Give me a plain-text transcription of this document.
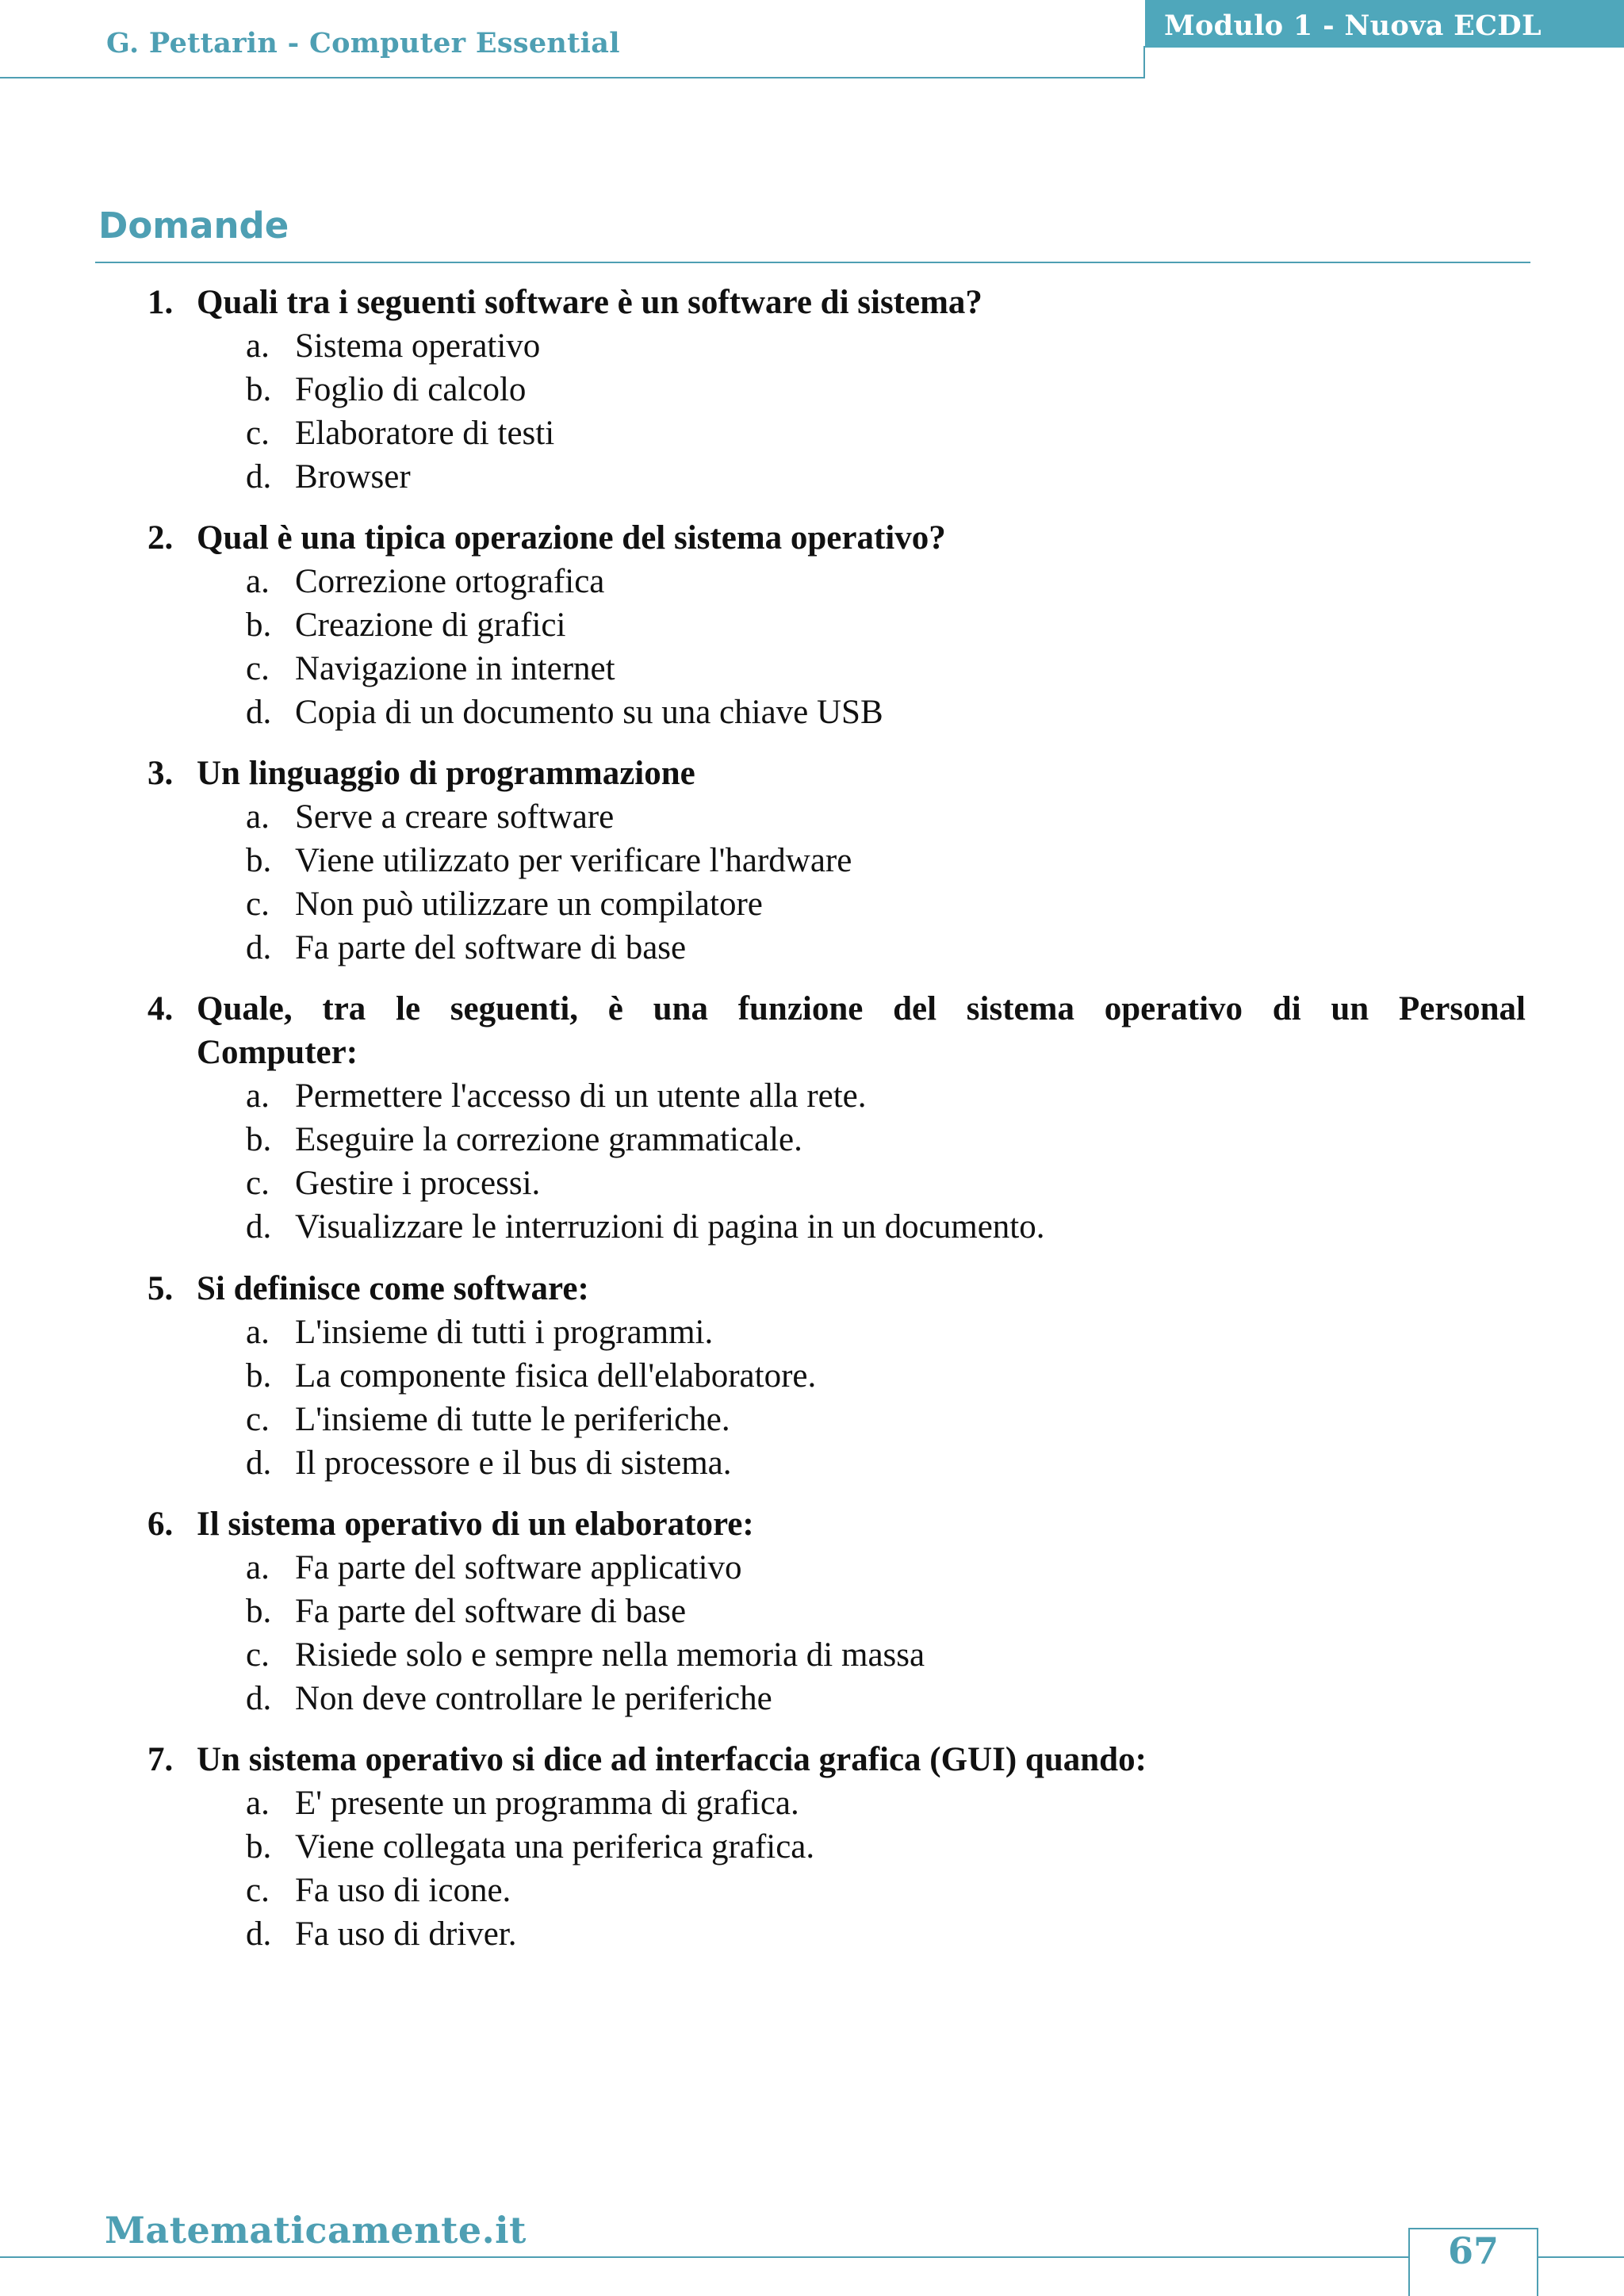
G. Pettarin - Computer Essential
Modulo 1 - Nuova ECDL
Domande
1. Quali tra i seguenti software è un software di sistema?
a. Sistema operativo
b. Foglio di calcolo
c. Elaboratore di testi
d. Browser
2. Qual è una tipica operazione del sistema operativo?
a. Correzione ortografica
b. Creazione di grafici
c. Navigazione in internet
d. Copia di un documento su una chiave USB
3. Un linguaggio di programmazione
a. Serve a creare software
b. Viene utilizzato per verificare l'hardware
c. Non può utilizzare un compilatore
d. Fa parte del software di base
4. Quale, tra le seguenti, è una funzione del sistema operativo di un Personal
Computer:
a. Permettere l'accesso di un utente alla rete.
b. Eseguire la correzione grammaticale.
c. Gestire i processi.
d. Visualizzare le interruzioni di pagina in un documento.
5. Si definisce come software:
a. L'insieme di tutti i programmi.
b. La componente fisica dell'elaboratore.
c. L'insieme di tutte le periferiche.
d. Il processore e il bus di sistema.
6. Il sistema operativo di un elaboratore:
a. Fa parte del software applicativo
b. Fa parte del software di base
c. Risiede solo e sempre nella memoria di massa
d. Non deve controllare le periferiche
7. Un sistema operativo si dice ad interfaccia grafica (GUI) quando:
a. E' presente un programma di grafica.
b. Viene collegata una periferica grafica.
c. Fa uso di icone.
d. Fa uso di driver.
Matematicamente.it	67
